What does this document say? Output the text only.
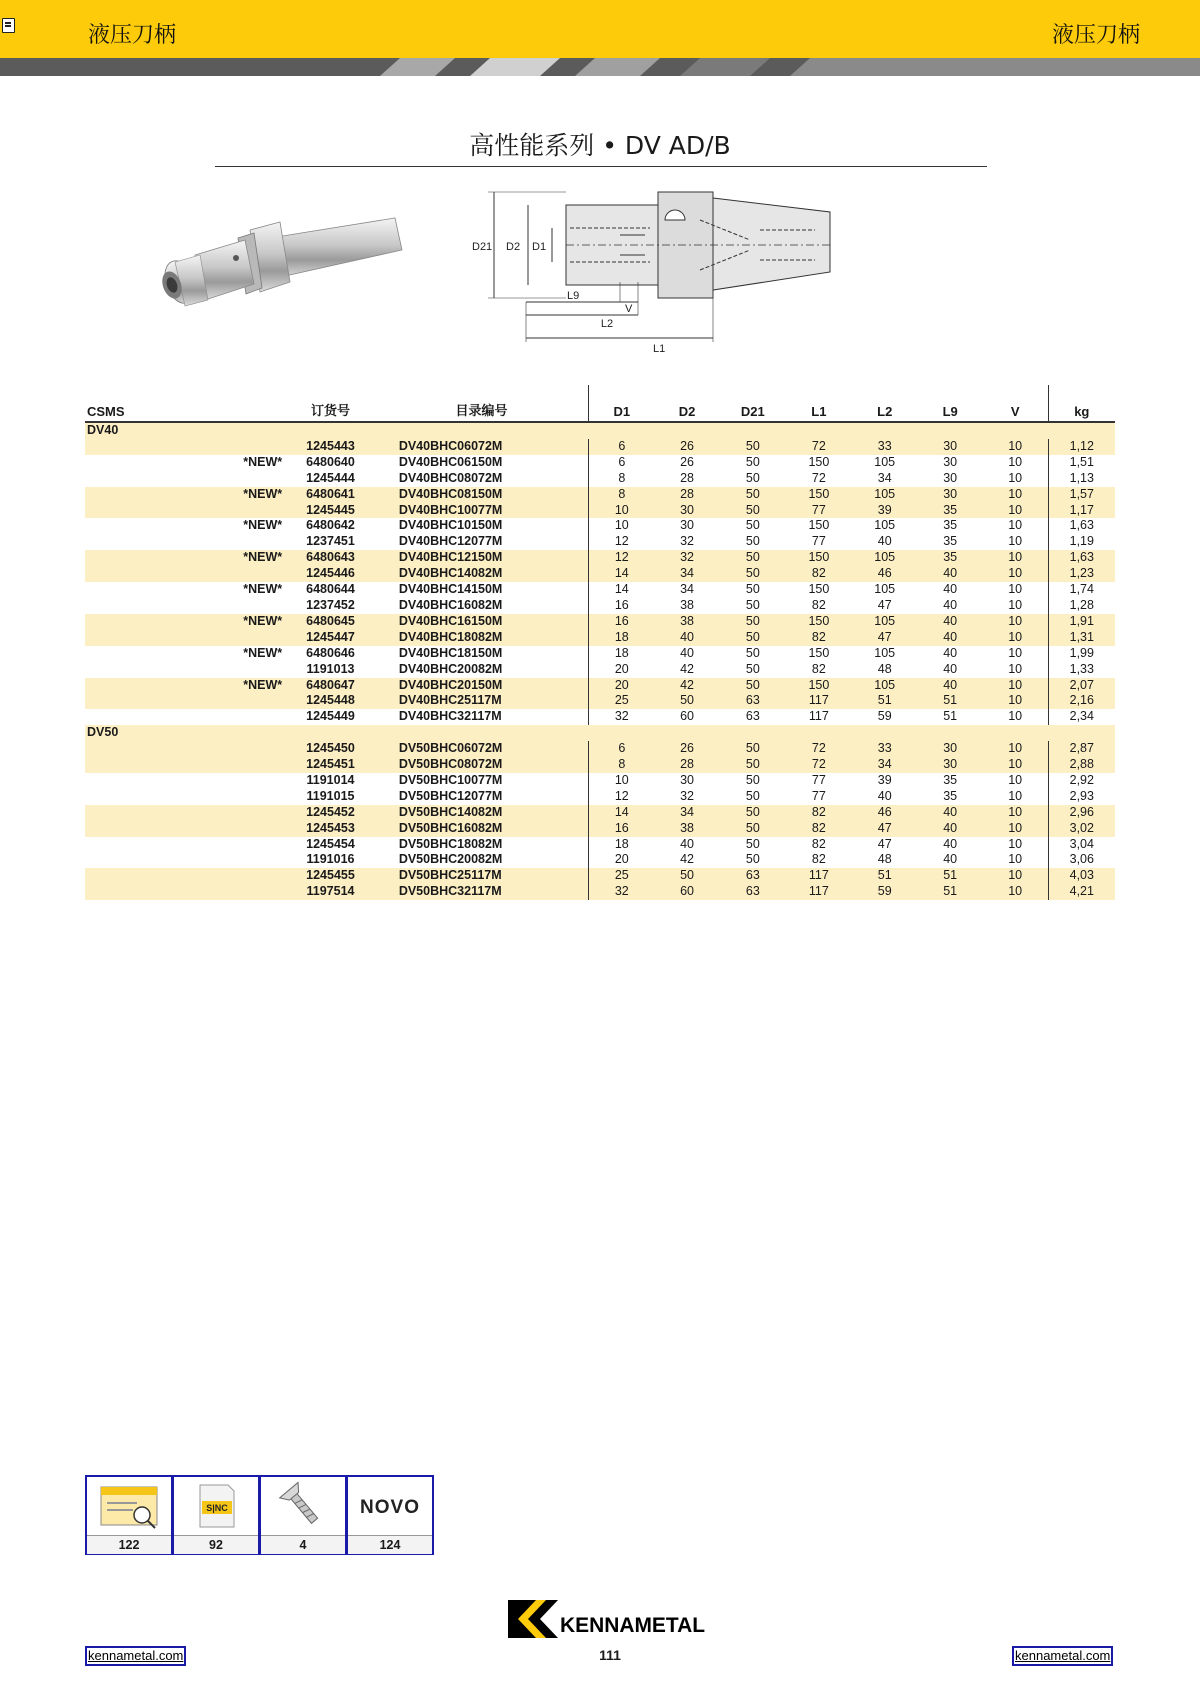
液压刀柄	液压刀柄
高性能系列 • DV AD/B
D21 D2 D1
L9
V
L2
L1
CSMS		订货号	目录编号	D1	D2	D21	L1	L2	L9	V	kg
DV40											
		1245443	DV40BHC06072M	6	26	50	72	33	30	10	1,12
	*NEW*	6480640	DV40BHC06150M	6	26	50	150	105	30	10	1,51
		1245444	DV40BHC08072M	8	28	50	72	34	30	10	1,13
	*NEW*	6480641	DV40BHC08150M	8	28	50	150	105	30	10	1,57
		1245445	DV40BHC10077M	10	30	50	77	39	35	10	1,17
	*NEW*	6480642	DV40BHC10150M	10	30	50	150	105	35	10	1,63
		1237451	DV40BHC12077M	12	32	50	77	40	35	10	1,19
	*NEW*	6480643	DV40BHC12150M	12	32	50	150	105	35	10	1,63
		1245446	DV40BHC14082M	14	34	50	82	46	40	10	1,23
	*NEW*	6480644	DV40BHC14150M	14	34	50	150	105	40	10	1,74
		1237452	DV40BHC16082M	16	38	50	82	47	40	10	1,28
	*NEW*	6480645	DV40BHC16150M	16	38	50	150	105	40	10	1,91
		1245447	DV40BHC18082M	18	40	50	82	47	40	10	1,31
	*NEW*	6480646	DV40BHC18150M	18	40	50	150	105	40	10	1,99
		1191013	DV40BHC20082M	20	42	50	82	48	40	10	1,33
	*NEW*	6480647	DV40BHC20150M	20	42	50	150	105	40	10	2,07
		1245448	DV40BHC25117M	25	50	63	117	51	51	10	2,16
		1245449	DV40BHC32117M	32	60	63	117	59	51	10	2,34
DV50											
		1245450	DV50BHC06072M	6	26	50	72	33	30	10	2,87
		1245451	DV50BHC08072M	8	28	50	72	34	30	10	2,88
		1191014	DV50BHC10077M	10	30	50	77	39	35	10	2,92
		1191015	DV50BHC12077M	12	32	50	77	40	35	10	2,93
		1245452	DV50BHC14082M	14	34	50	82	46	40	10	2,96
		1245453	DV50BHC16082M	16	38	50	82	47	40	10	3,02
		1245454	DV50BHC18082M	18	40	50	82	47	40	10	3,04
		1191016	DV50BHC20082M	20	42	50	82	48	40	10	3,06
		1245455	DV50BHC25117M	25	50	63	117	51	51	10	4,03
		1197514	DV50BHC32117M	32	60	63	117	59	51	10	4,21
122
S|NC
92	4
NOVO
124
KENNAMETAL
kennametal.com	111	kennametal.com
